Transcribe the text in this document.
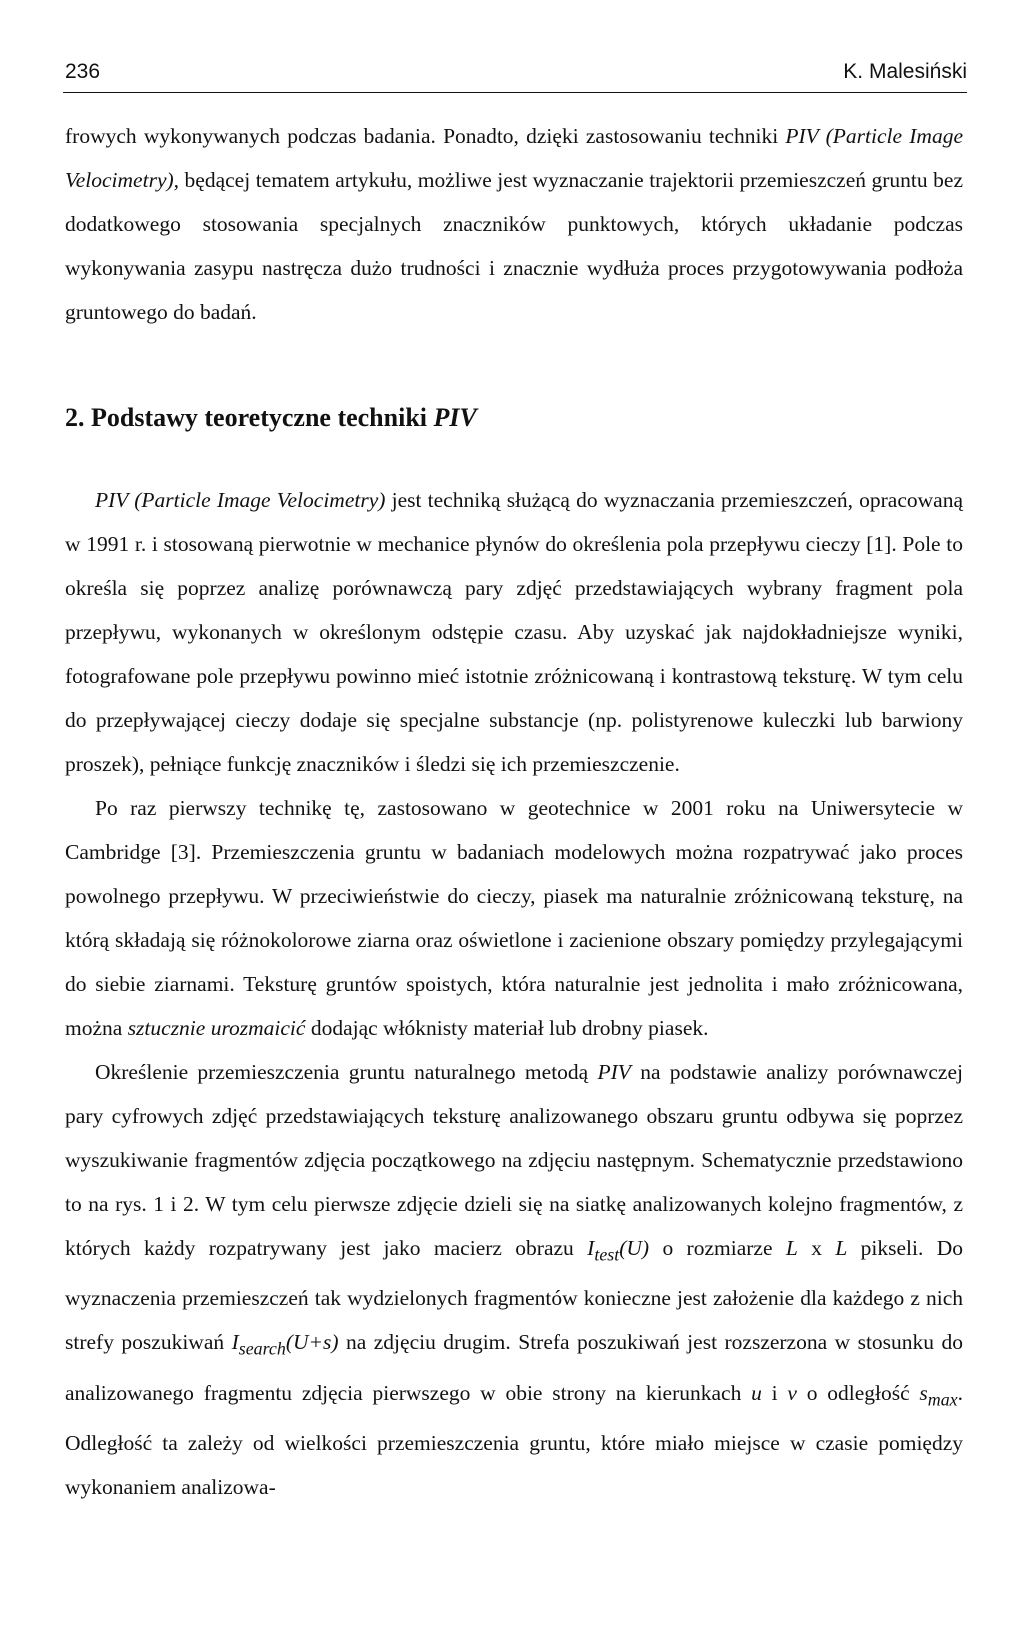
236	K. Malesiński

frowych wykonywanych podczas badania. Ponadto, dzięki zastosowaniu techniki PIV (Particle Image Velocimetry), będącej tematem artykułu, możliwe jest wyznaczanie trajektorii przemieszczeń gruntu bez dodatkowego stosowania specjalnych znaczników punktowych, których układanie podczas wykonywania zasypu nastręcza dużo trudności i znacznie wydłuża proces przygotowywania podłoża gruntowego do badań.

2. Podstawy teoretyczne techniki PIV

PIV (Particle Image Velocimetry) jest techniką służącą do wyznaczania przemieszczeń, opracowaną w 1991 r. i stosowaną pierwotnie w mechanice płynów do określenia pola przepływu cieczy [1]. Pole to określa się poprzez analizę porównawczą pary zdjęć przedstawiających wybrany fragment pola przepływu, wykonanych w określonym odstępie czasu. Aby uzyskać jak najdokładniejsze wyniki, fotografowane pole przepływu powinno mieć istotnie zróżnicowaną i kontrastową teksturę. W tym celu do przepływającej cieczy dodaje się specjalne substancje (np. polistyrenowe kuleczki lub barwiony proszek), pełniące funkcję znaczników i śledzi się ich przemieszczenie.

Po raz pierwszy technikę tę, zastosowano w geotechnice w 2001 roku na Uniwersytecie w Cambridge [3]. Przemieszczenia gruntu w badaniach modelowych można rozpatrywać jako proces powolnego przepływu. W przeciwieństwie do cieczy, piasek ma naturalnie zróżnicowaną teksturę, na którą składają się różnokolorowe ziarna oraz oświetlone i zacienione obszary pomiędzy przylegającymi do siebie ziarnami. Teksturę gruntów spoistych, która naturalnie jest jednolita i mało zróżnicowana, można sztucznie urozmaicić dodając włóknisty materiał lub drobny piasek.

Określenie przemieszczenia gruntu naturalnego metodą PIV na podstawie analizy porównawczej pary cyfrowych zdjęć przedstawiających teksturę analizowanego obszaru gruntu odbywa się poprzez wyszukiwanie fragmentów zdjęcia początkowego na zdjęciu następnym. Schematycznie przedstawiono to na rys. 1 i 2. W tym celu pierwsze zdjęcie dzieli się na siatkę analizowanych kolejno fragmentów, z których każdy rozpatrywany jest jako macierz obrazu $I_{test}(U)$ o rozmiarze L x L pikseli. Do wyznaczenia przemieszczeń tak wydzielonych fragmentów konieczne jest założenie dla każdego z nich strefy poszukiwań $I_{search}(U+s)$ na zdjęciu drugim. Strefa poszukiwań jest rozszerzona w stosunku do analizowanego fragmentu zdjęcia pierwszego w obie strony na kierunkach u i v o odległość $s_{max}$. Odległość ta zależy od wielkości przemieszczenia gruntu, które miało miejsce w czasie pomiędzy wykonaniem analizowa-
